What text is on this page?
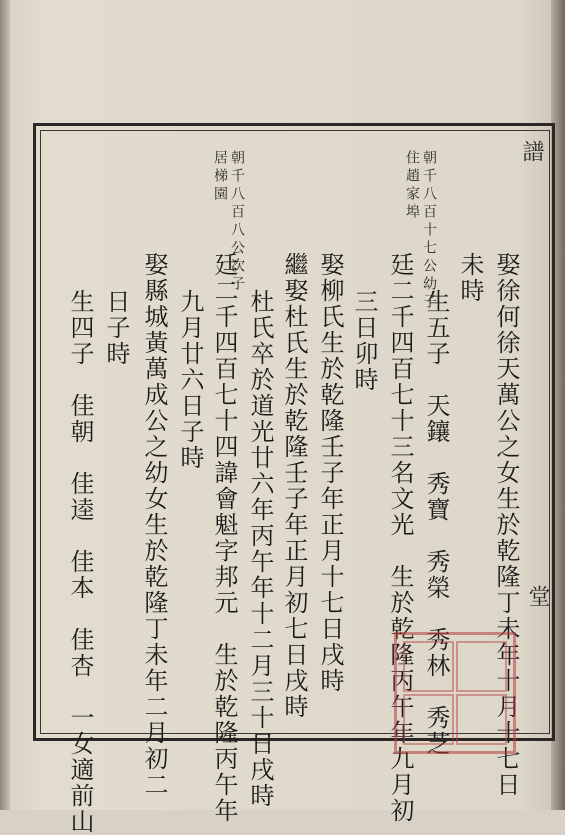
譜
堂
朝千八百十七公幼子
住趙家埠
朝千八百八公次子
居梯園
娶徐何徐天萬公之女生於乾隆丁未年十月十七日
未時
生五子　天鑲　秀寶　秀榮　秀林　秀芝
廷二千四百七十三名文光　生於乾隆丙午年九月初
三日卯時
娶柳氏生於乾隆壬子年正月十七日戌時
繼娶杜氏生於乾隆壬子年正月初七日戌時
杜氏卒於道光廿六年丙午年十二月三十日戌時
廷二千四百七十四諱會魁字邦元　生於乾隆丙午年
九月廿六日子時
娶縣城黃萬成公之幼女生於乾隆丁未年二月初二
日子時
生四子　佳朝　佳逵　佳本　佳杏　一女適前山
